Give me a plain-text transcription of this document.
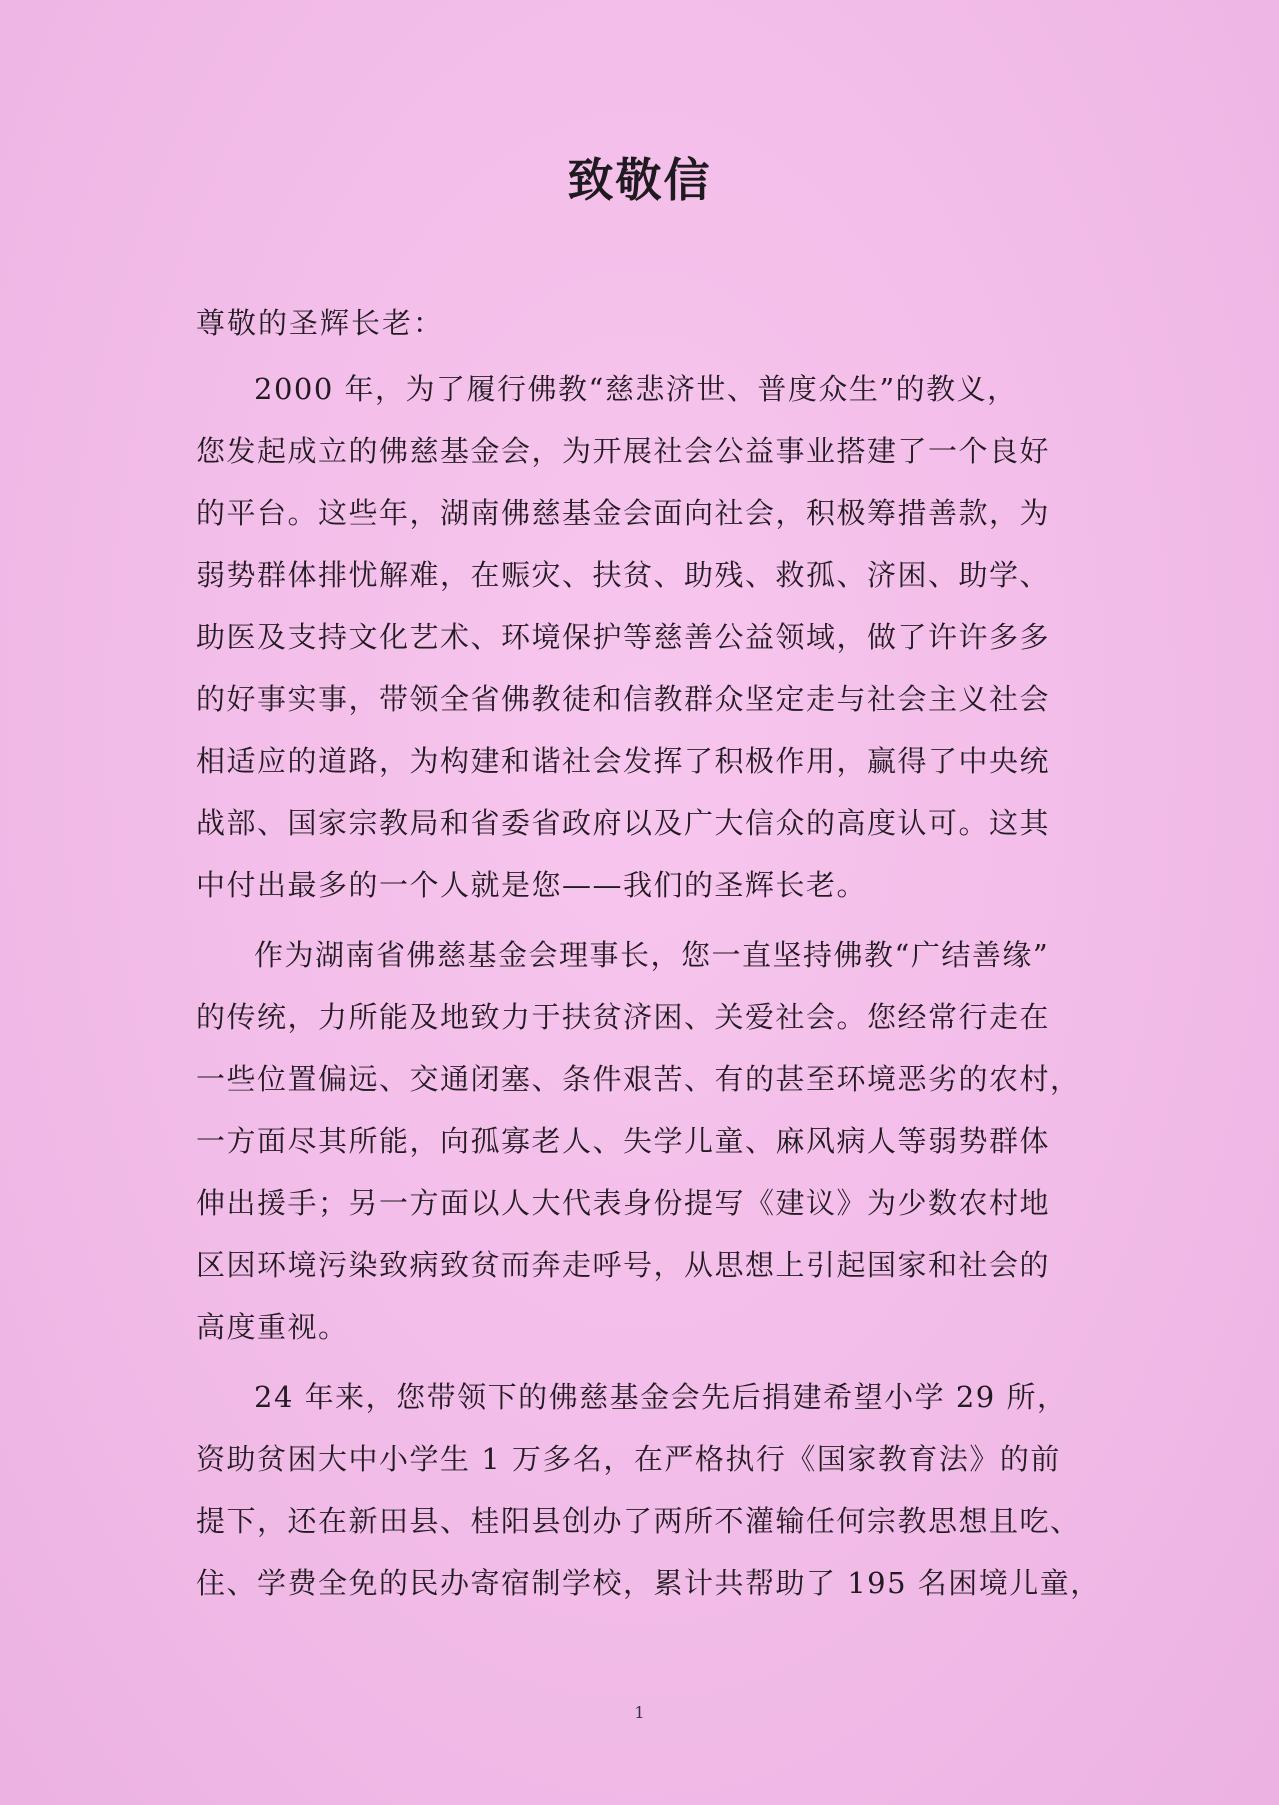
致敬信

尊敬的圣辉长老：

2000 年，为了履行佛教“慈悲济世、普度众生”的教义，
您发起成立的佛慈基金会，为开展社会公益事业搭建了一个良好
的平台。这些年，湖南佛慈基金会面向社会，积极筹措善款，为
弱势群体排忧解难，在赈灾、扶贫、助残、救孤、济困、助学、
助医及支持文化艺术、环境保护等慈善公益领域，做了许许多多
的好事实事，带领全省佛教徒和信教群众坚定走与社会主义社会
相适应的道路，为构建和谐社会发挥了积极作用，赢得了中央统
战部、国家宗教局和省委省政府以及广大信众的高度认可。这其
中付出最多的一个人就是您——我们的圣辉长老。

作为湖南省佛慈基金会理事长，您一直坚持佛教“广结善缘”
的传统，力所能及地致力于扶贫济困、关爱社会。您经常行走在
一些位置偏远、交通闭塞、条件艰苦、有的甚至环境恶劣的农村，
一方面尽其所能，向孤寡老人、失学儿童、麻风病人等弱势群体
伸出援手；另一方面以人大代表身份提写《建议》为少数农村地
区因环境污染致病致贫而奔走呼号，从思想上引起国家和社会的
高度重视。

24 年来，您带领下的佛慈基金会先后捐建希望小学 29 所，
资助贫困大中小学生 1 万多名，在严格执行《国家教育法》的前
提下，还在新田县、桂阳县创办了两所不灌输任何宗教思想且吃、
住、学费全免的民办寄宿制学校，累计共帮助了 195 名困境儿童，

1
